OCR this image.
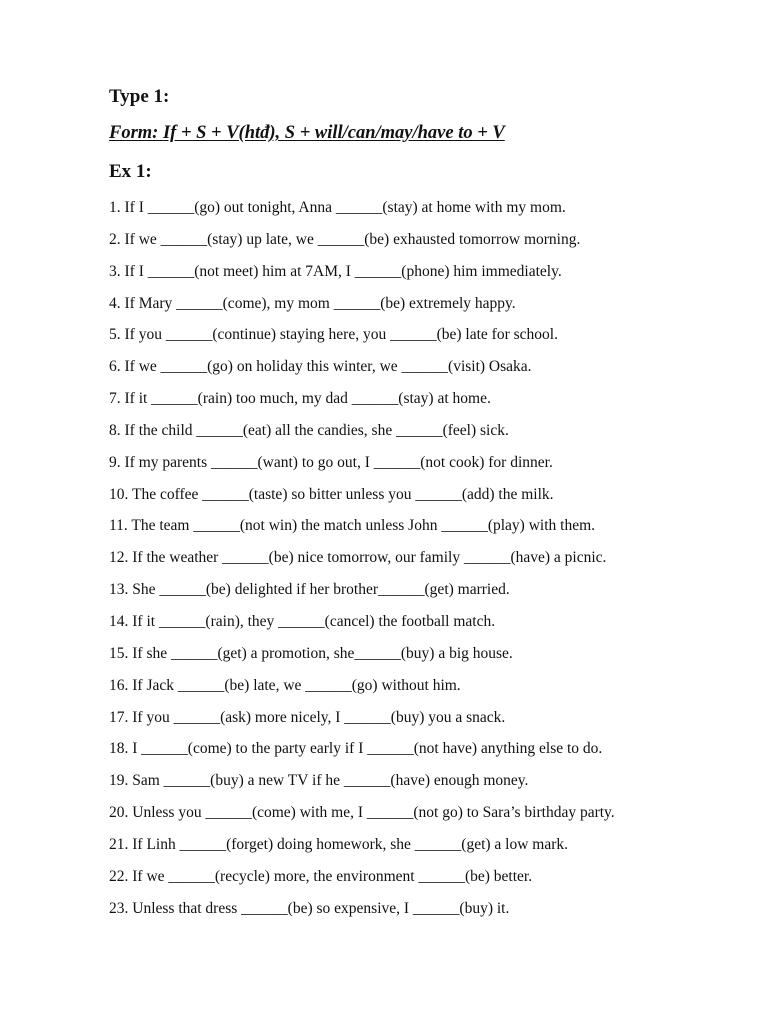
Type 1:

Form: If + S + V(htđ), S + will/can/may/have to + V

Ex 1:
1. If I ______(go) out tonight, Anna ______(stay) at home with my mom.
2. If we ______(stay) up late, we ______(be) exhausted tomorrow morning.
3. If I ______(not meet) him at 7AM, I ______(phone) him immediately.
4. If Mary ______(come), my mom ______(be) extremely happy.
5. If you ______(continue) staying here, you ______(be) late for school.
6. If we ______(go) on holiday this winter, we ______(visit) Osaka.
7. If it ______(rain) too much, my dad ______(stay) at home.
8. If the child ______(eat) all the candies, she ______(feel) sick.
9. If my parents ______(want) to go out, I ______(not cook) for dinner.
10. The coffee ______(taste) so bitter unless you ______(add) the milk.
11. The team ______(not win) the match unless John ______(play) with them.
12. If the weather ______(be) nice tomorrow, our family ______(have) a picnic.
13. She ______(be) delighted if her brother______(get) married.
14. If it ______(rain), they ______(cancel) the football match.
15. If she ______(get) a promotion, she______(buy) a big house.
16. If Jack ______(be) late, we ______(go) without him.
17. If you ______(ask) more nicely, I ______(buy) you a snack.
18. I ______(come) to the party early if I ______(not have) anything else to do.
19. Sam ______(buy) a new TV if he ______(have) enough money.
20. Unless you ______(come) with me, I ______(not go) to Sara’s birthday party.
21. If Linh ______(forget) doing homework, she ______(get) a low mark.
22. If we ______(recycle) more, the environment ______(be) better.
23. Unless that dress ______(be) so expensive, I ______(buy) it.
